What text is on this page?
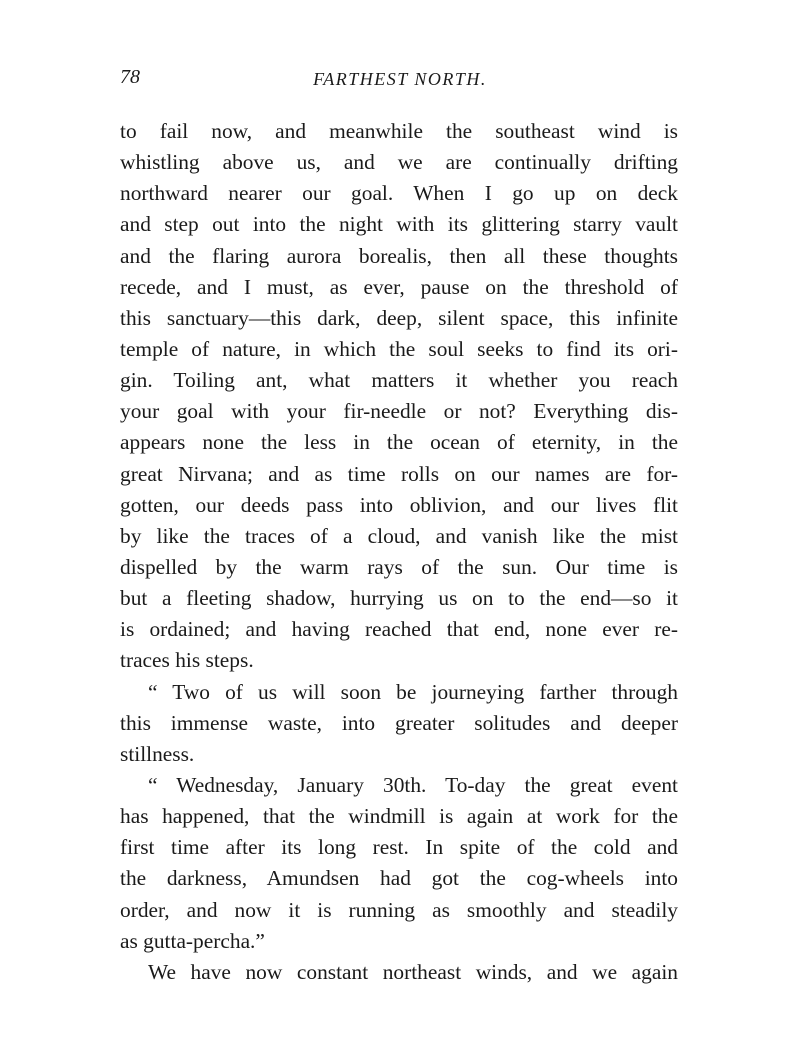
78	FARTHEST NORTH.
to fail now, and meanwhile the southeast wind is
whistling above us, and we are continually drifting
northward nearer our goal. When I go up on deck
and step out into the night with its glittering starry vault
and the flaring aurora borealis, then all these thoughts
recede, and I must, as ever, pause on the threshold of
this sanctuary—this dark, deep, silent space, this infinite
temple of nature, in which the soul seeks to find its ori-
gin. Toiling ant, what matters it whether you reach
your goal with your fir-needle or not? Everything dis-
appears none the less in the ocean of eternity, in the
great Nirvana; and as time rolls on our names are for-
gotten, our deeds pass into oblivion, and our lives flit
by like the traces of a cloud, and vanish like the mist
dispelled by the warm rays of the sun. Our time is
but a fleeting shadow, hurrying us on to the end—so it
is ordained; and having reached that end, none ever re-
traces his steps.
“ Two of us will soon be journeying farther through
this immense waste, into greater solitudes and deeper
stillness.
“ Wednesday, January 30th. To-day the great event
has happened, that the windmill is again at work for the
first time after its long rest. In spite of the cold and
the darkness, Amundsen had got the cog-wheels into
order, and now it is running as smoothly and steadily
as gutta-percha.”
We have now constant northeast winds, and we again
